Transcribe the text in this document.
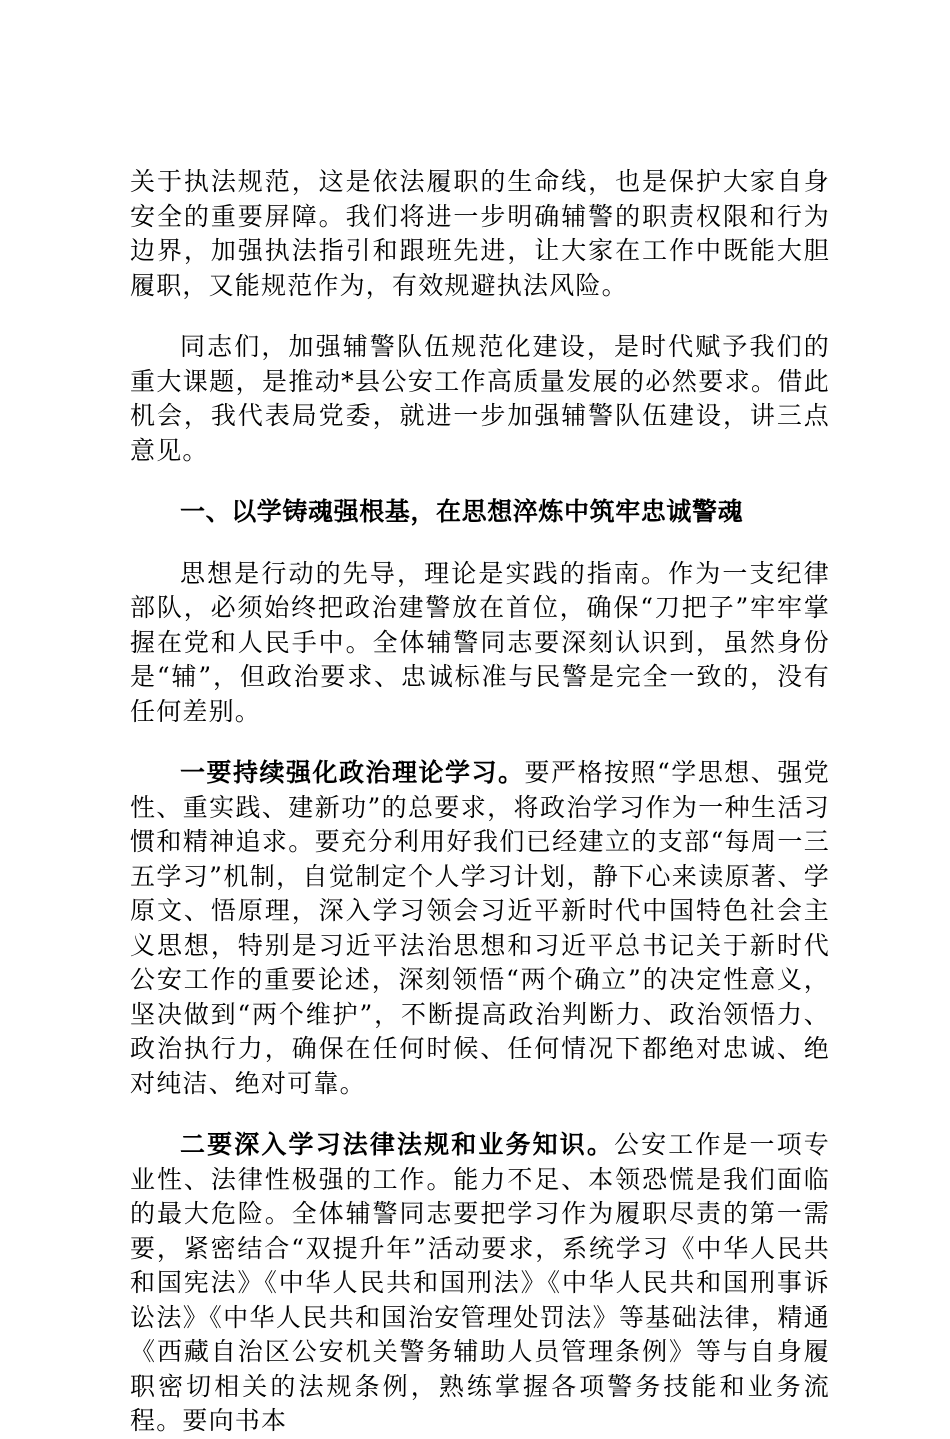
关于执法规范，这是依法履职的生命线，也是保护大家自身安全的重要屏障。我们将进一步明确辅警的职责权限和行为边界，加强执法指引和跟班先进，让大家在工作中既能大胆履职，又能规范作为，有效规避执法风险。

同志们，加强辅警队伍规范化建设，是时代赋予我们的重大课题，是推动*县公安工作高质量发展的必然要求。借此机会，我代表局党委，就进一步加强辅警队伍建设，讲三点意见。

一、以学铸魂强根基，在思想淬炼中筑牢忠诚警魂

思想是行动的先导，理论是实践的指南。作为一支纪律部队，必须始终把政治建警放在首位，确保“刀把子”牢牢掌握在党和人民手中。全体辅警同志要深刻认识到，虽然身份是“辅”，但政治要求、忠诚标准与民警是完全一致的，没有任何差别。

一要持续强化政治理论学习。要严格按照“学思想、强党性、重实践、建新功”的总要求，将政治学习作为一种生活习惯和精神追求。要充分利用好我们已经建立的支部“每周一三五学习”机制，自觉制定个人学习计划，静下心来读原著、学原文、悟原理，深入学习领会习近平新时代中国特色社会主义思想，特别是习近平法治思想和习近平总书记关于新时代公安工作的重要论述，深刻领悟“两个确立”的决定性意义，坚决做到“两个维护”，不断提高政治判断力、政治领悟力、政治执行力，确保在任何时候、任何情况下都绝对忠诚、绝对纯洁、绝对可靠。

二要深入学习法律法规和业务知识。公安工作是一项专业性、法律性极强的工作。能力不足、本领恐慌是我们面临的最大危险。全体辅警同志要把学习作为履职尽责的第一需要，紧密结合“双提升年”活动要求，系统学习《中华人民共和国宪法》《中华人民共和国刑法》《中华人民共和国刑事诉讼法》《中华人民共和国治安管理处罚法》等基础法律，精通《西藏自治区公安机关警务辅助人员管理条例》等与自身履职密切相关的法规条例，熟练掌握各项警务技能和业务流程。要向书本
